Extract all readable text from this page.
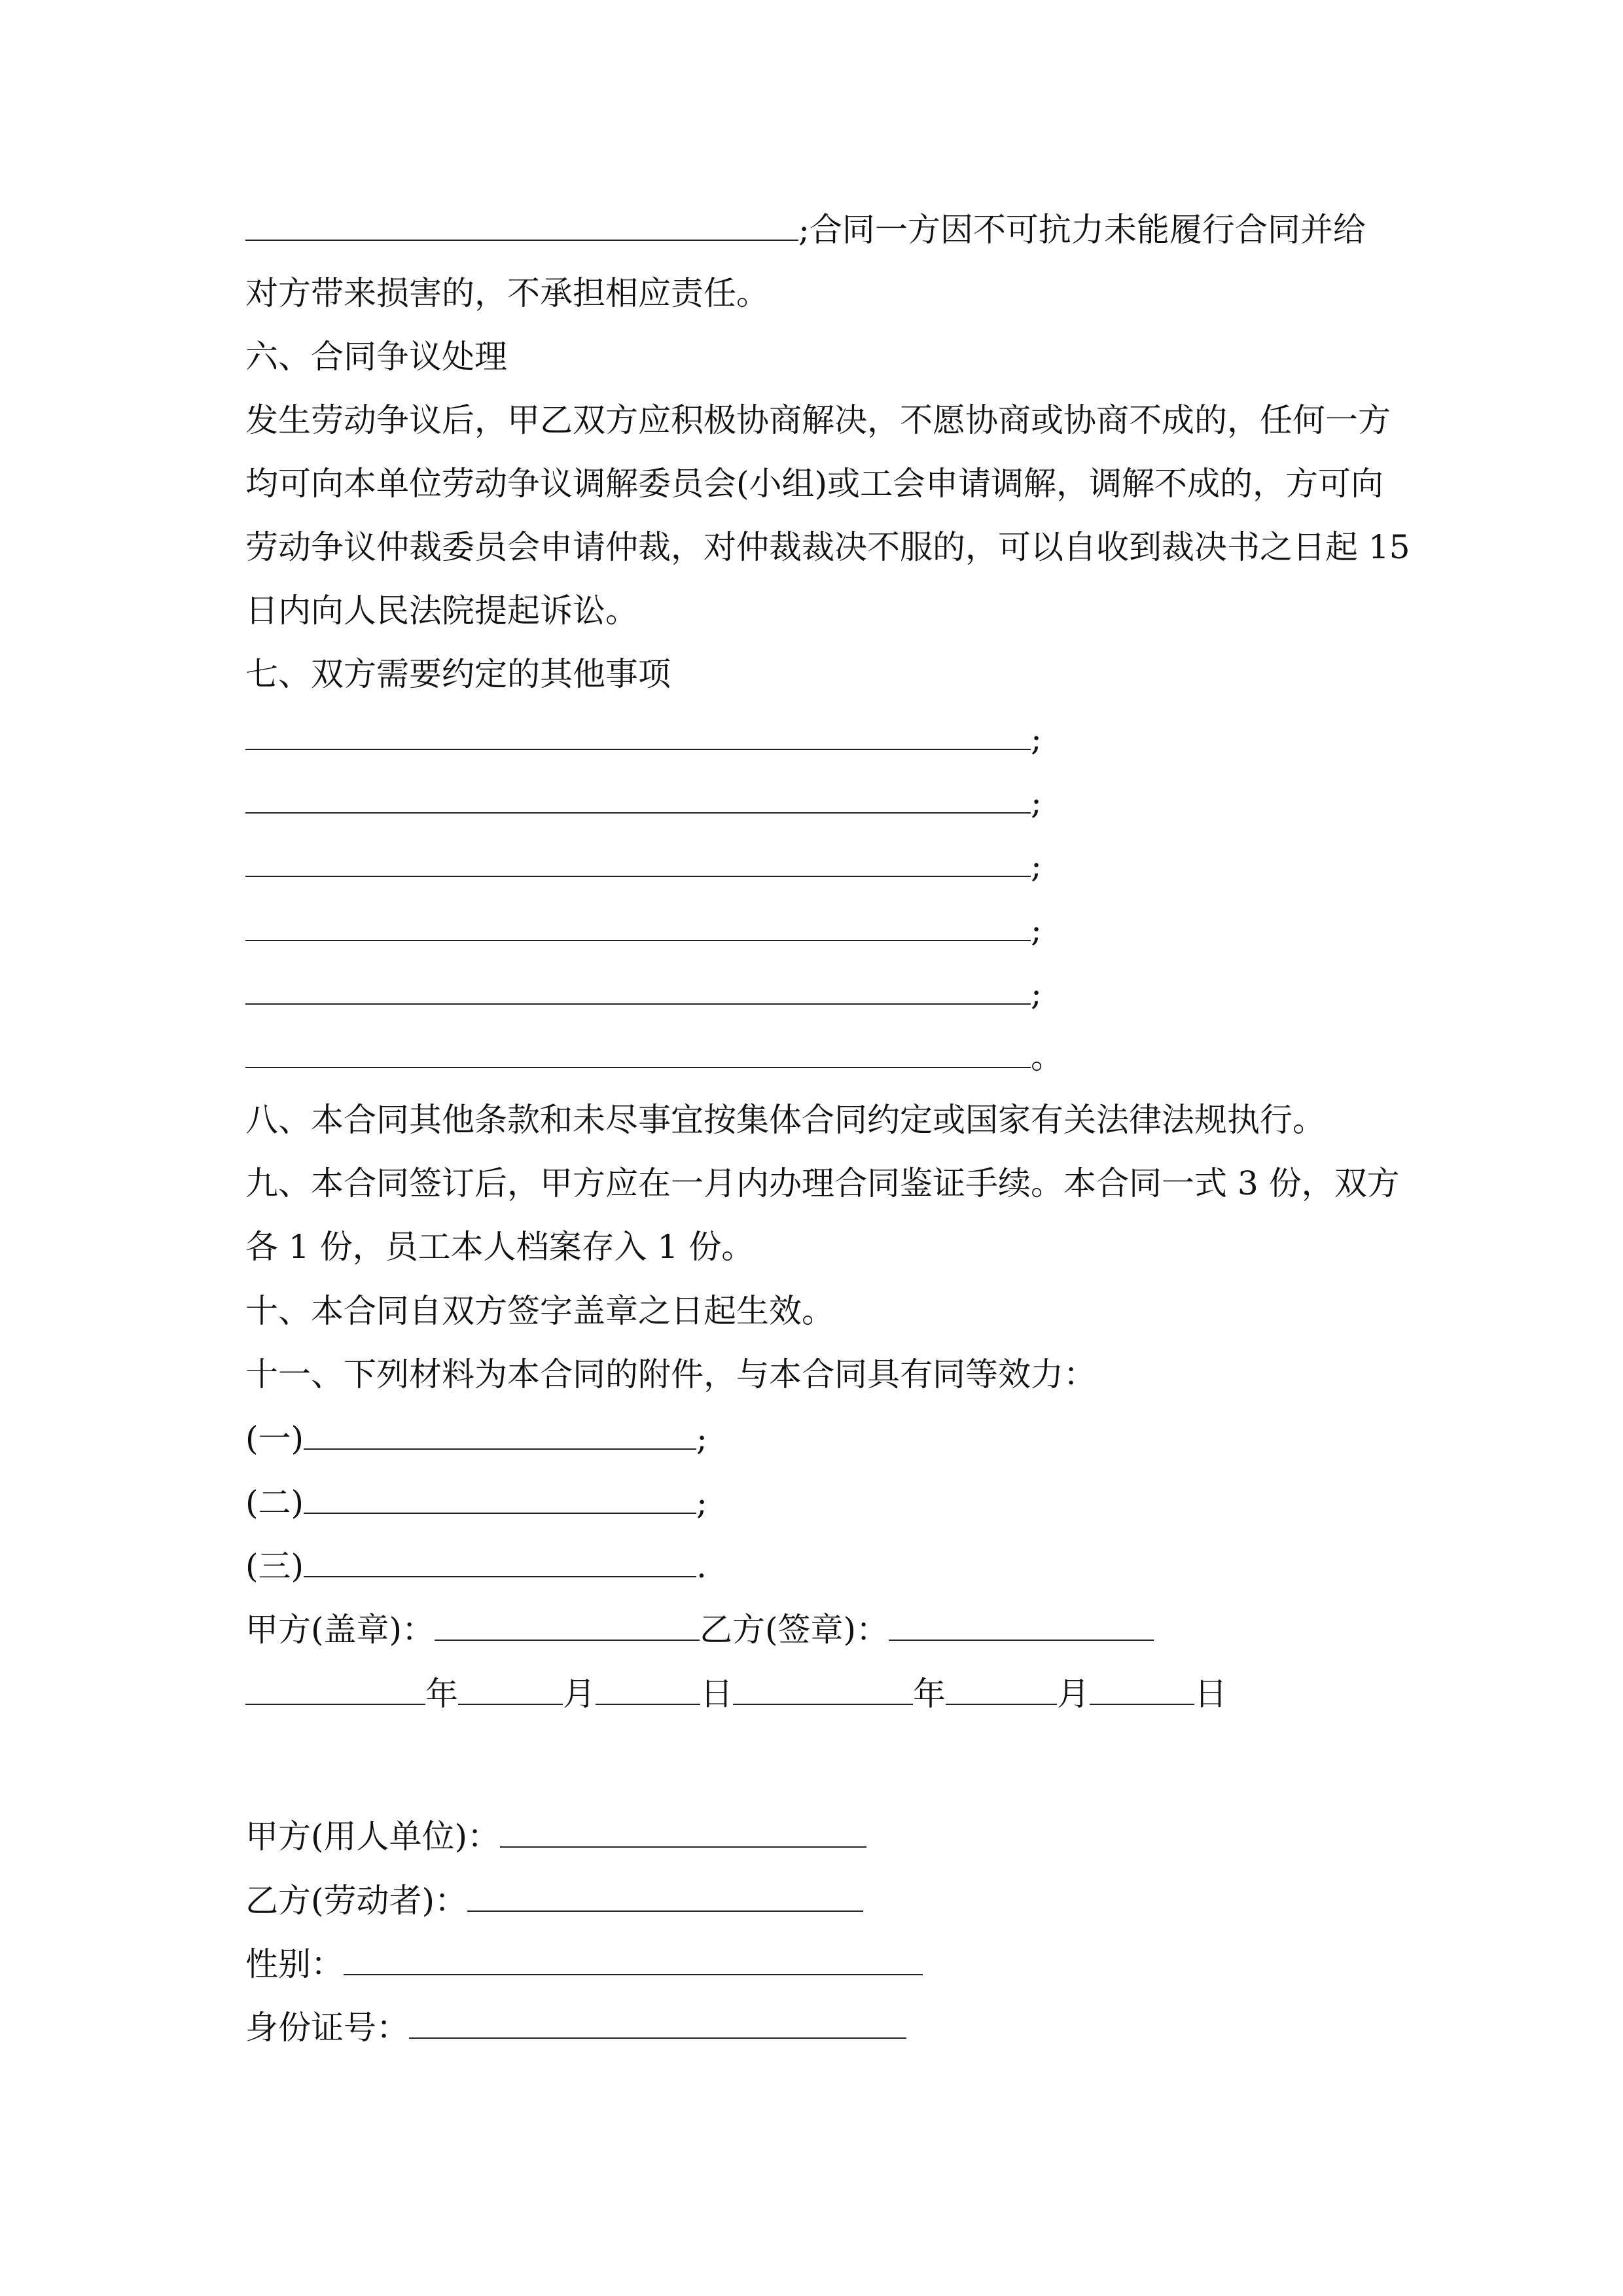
;合同一方因不可抗力未能履行合同并给
对方带来损害的，不承担相应责任。
六、合同争议处理
发生劳动争议后，甲乙双方应积极协商解决，不愿协商或协商不成的，任何一方
均可向本单位劳动争议调解委员会(小组)或工会申请调解，调解不成的，方可向
劳动争议仲裁委员会申请仲裁，对仲裁裁决不服的，可以自收到裁决书之日起 15
日内向人民法院提起诉讼。
七、双方需要约定的其他事项
;
;
;
;
;
。
八、本合同其他条款和未尽事宜按集体合同约定或国家有关法律法规执行。
九、本合同签订后，甲方应在一月内办理合同鉴证手续。本合同一式 3 份，双方
各 1 份，员工本人档案存入 1 份。
十、本合同自双方签字盖章之日起生效。
十一、下列材料为本合同的附件，与本合同具有同等效力：
(一)	;
(二)	;
(三)	.
甲方(盖章)：	乙方(签章)：
年	月	日	年	月	日
甲方(用人单位)：
乙方(劳动者)：
性别：
身份证号：
